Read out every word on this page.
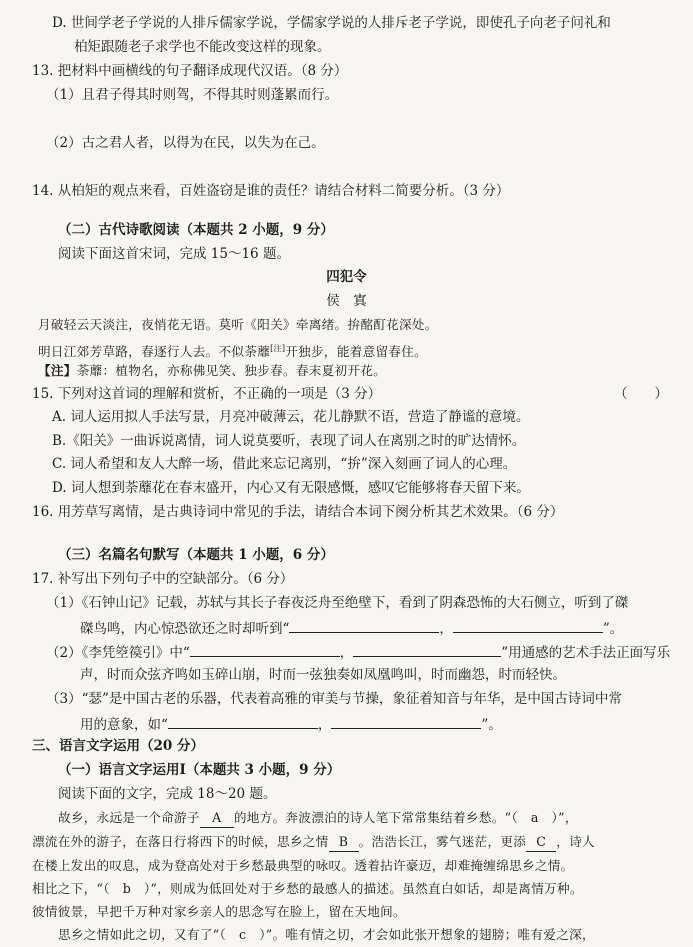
D. 世间学老子学说的人排斥儒家学说，学儒家学说的人排斥老子学说，即使孔子向老子问礼和
柏矩跟随老子求学也不能改变这样的现象。
13. 把材料中画横线的句子翻译成现代汉语。（8 分）
（1）且君子得其时则驾，不得其时则蓬累而行。
（2）古之君人者，以得为在民，以失为在己。
14. 从柏矩的观点来看，百姓盗窃是谁的责任？请结合材料二简要分析。（3 分）
（二）古代诗歌阅读（本题共 2 小题，9 分）
阅读下面这首宋词，完成 15～16 题。
四犯令
侯　寘
月破轻云天淡注，夜悄花无语。莫听《阳关》牵离绪。拚酩酊花深处。
明日江郊芳草路，春逐行人去。不似荼蘼[注]开独步，能着意留春住。
【注】荼蘼：植物名，亦称佛见笑、独步春。春末夏初开花。
15. 下列对这首词的理解和赏析，不正确的一项是（3 分）	（　　）
A. 词人运用拟人手法写景，月亮冲破薄云，花儿静默不语，营造了静谧的意境。
B.《阳关》一曲诉说离情，词人说莫要听，表现了词人在离别之时的旷达情怀。
C. 词人希望和友人大醉一场，借此来忘记离别，“拚”深入刻画了词人的心理。
D. 词人想到荼蘼花在春末盛开，内心又有无限感慨，感叹它能够将春天留下来。
16. 用芳草写离情，是古典诗词中常见的手法，请结合本词下阕分析其艺术效果。（6 分）
（三）名篇名句默写（本题共 1 小题，6 分）
17. 补写出下列句子中的空缺部分。（6 分）
（1）《石钟山记》记载，苏轼与其长子春夜泛舟至绝壁下，看到了阴森恐怖的大石侧立，听到了磔
磔鸟鸣，内心惊恐欲还之时却听到“	，	”。
（2）《李凭箜篌引》中“	，	”用通感的艺术手法正面写乐
声，时而众弦齐鸣如玉碎山崩，时而一弦独奏如凤凰鸣叫，时而幽怨，时而轻快。
（3）“瑟”是中国古老的乐器，代表着高雅的审美与节操，象征着知音与年华，是中国古诗词中常
用的意象，如“	，	”。
三、语言文字运用（20 分）
（一）语言文字运用Ⅰ（本题共 3 小题，9 分）
阅读下面的文字，完成 18～20 题。
故乡，永远是一个命游子 A 的地方。奔波漂泊的诗人笔下常常集结着乡愁。“（　a　）”，
漂流在外的游子，在落日行将西下的时候，思乡之情 B 。浩浩长江，雾气迷茫，更添 C ，诗人
在楼上发出的叹息，成为登高处对于乡愁最典型的咏叹。透着拈许豪迈，却难掩缠绵思乡之情。
相比之下，“（　b　）”，则成为低回处对于乡愁的最感人的描述。虽然直白如话，却是离情万种。
彼情彼景，早把千万种对家乡亲人的思念写在脸上，留在天地间。
思乡之情如此之切，又有了“（　c　）”。唯有情之切，才会如此张开想象的翅膀；唯有爱之深，
